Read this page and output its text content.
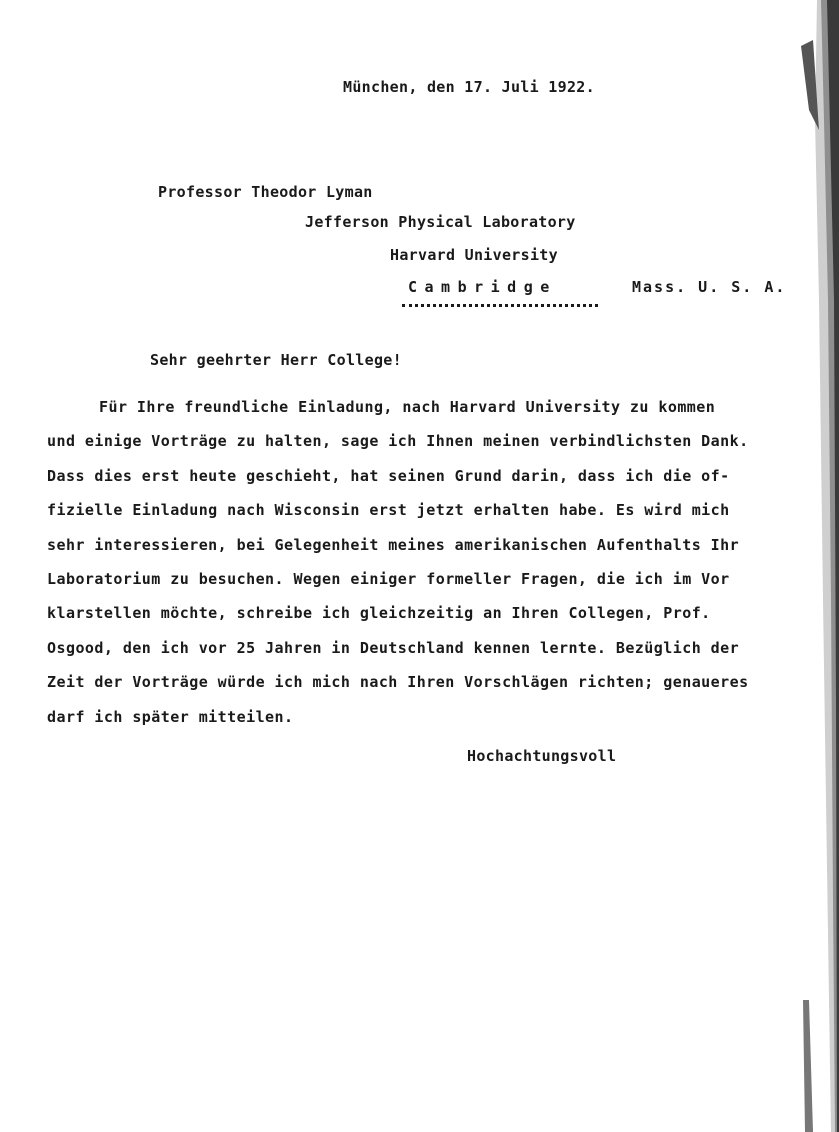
München, den 17. Juli 1922.
Professor Theodor Lyman
Jefferson Physical Laboratory
Harvard University
Cambridge	Mass. U. S. A.
Sehr geehrter Herr College!
Für Ihre freundliche Einladung, nach Harvard University zu kommen
und einige Vorträge zu halten, sage ich Ihnen meinen verbindlichsten Dank.
Dass dies erst heute geschieht, hat seinen Grund darin, dass ich die of-
fizielle Einladung nach Wisconsin erst jetzt erhalten habe. Es wird mich
sehr interessieren, bei Gelegenheit meines amerikanischen Aufenthalts Ihr
Laboratorium zu besuchen. Wegen einiger formeller Fragen, die ich im Vor
klarstellen möchte, schreibe ich gleichzeitig an Ihren Collegen, Prof.
Osgood, den ich vor 25 Jahren in Deutschland kennen lernte. Bezüglich der
Zeit der Vorträge würde ich mich nach Ihren Vorschlägen richten; genaueres
darf ich später mitteilen.
Hochachtungsvoll
